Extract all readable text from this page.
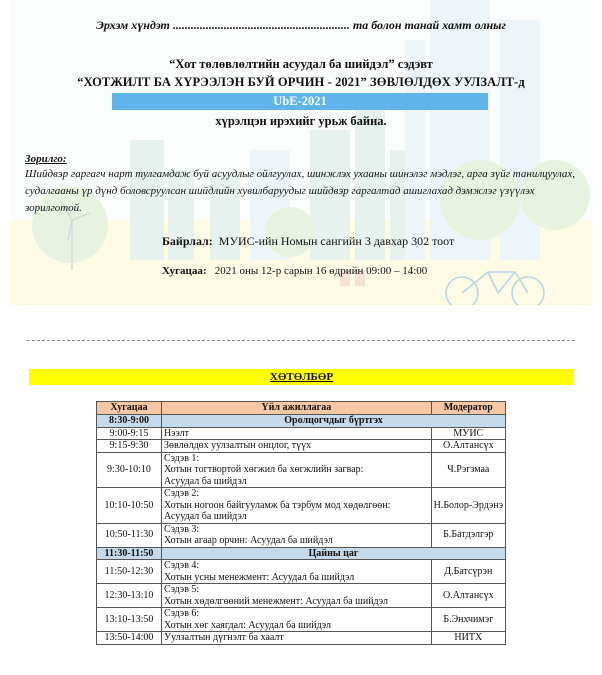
Эрхэм хүндэт ........................................................... та болон танай хамт олныг
“Хот төлөвлөлтийн асуудал ба шийдэл” сэдэвт
“ХОТЖИЛТ БА ХҮРЭЭЛЭН БУЙ ОРЧИН - 2021” ЗӨВЛӨЛДӨХ УУЛЗАЛТ-д
UbE-2021
хүрэлцэн ирэхийг урьж байна.
Зорилго:
Шийдвэр гаргагч нарт тулгамдаж буй асуудлыг ойлгуулах, шинжлэх ухааны шинэлэг мэдлэг, арга зүйг танилцуулах, судалгааны үр дүнд боловсруулсан шийдлийн хувилбаруудыг шийдвэр гаргалтад ашиглахад дэмжлэг үзүүлэх зорилготой.
Байрлал: МУИС-ийн Номын сангийн 3 давхар 302 тоот
Хугацаа: 2021 оны 12-р сарын 16 өдрийн 09:00 – 14:00
ХӨТӨЛБӨР
Хугацаа	Үйл ажиллагаа	Модератор
8:30-9:00	Оролцогчдыг бүртгэх	
9:00-9:15	Нээлт	МУИС
9:15-9:30	Зөвлөлдөх уулзалтын онцлог, түүх	О.Алтансүх
9:30-10:10	Сэдэв 1:
Хотын тогтвортой хөгжил ба хөгжлийн загвар:
Асуудал ба шийдэл	Ч.Рэгзмаа
10:10-10:50	Сэдэв 2:
Хотын ногоон байгууламж ба тэрбум мод хөдөлгөөн:
Асуудал ба шийдэл	Н.Болор-Эрдэнэ
10:50-11:30	Сэдэв 3:
Хотын агаар орчин: Асуудал ба шийдэл	Б.Батдэлгэр
11:30-11:50	Цайны цаг	
11:50-12:30	Сэдэв 4:
Хотын усны менежмент: Асуудал ба шийдэл	Д.Батсүрэн
12:30-13:10	Сэдэв 5:
Хотын хөдөлгөөний менежмент: Асуудал ба шийдэл	О.Алтансүх
13:10-13:50	Сэдэв 6:
Хотын хөг хаягдал: Асуудал ба шийдэл	Б.Энхчимэг
13:50-14:00	Уулзалтын дүгнэлт ба хаалт	НИТХ
